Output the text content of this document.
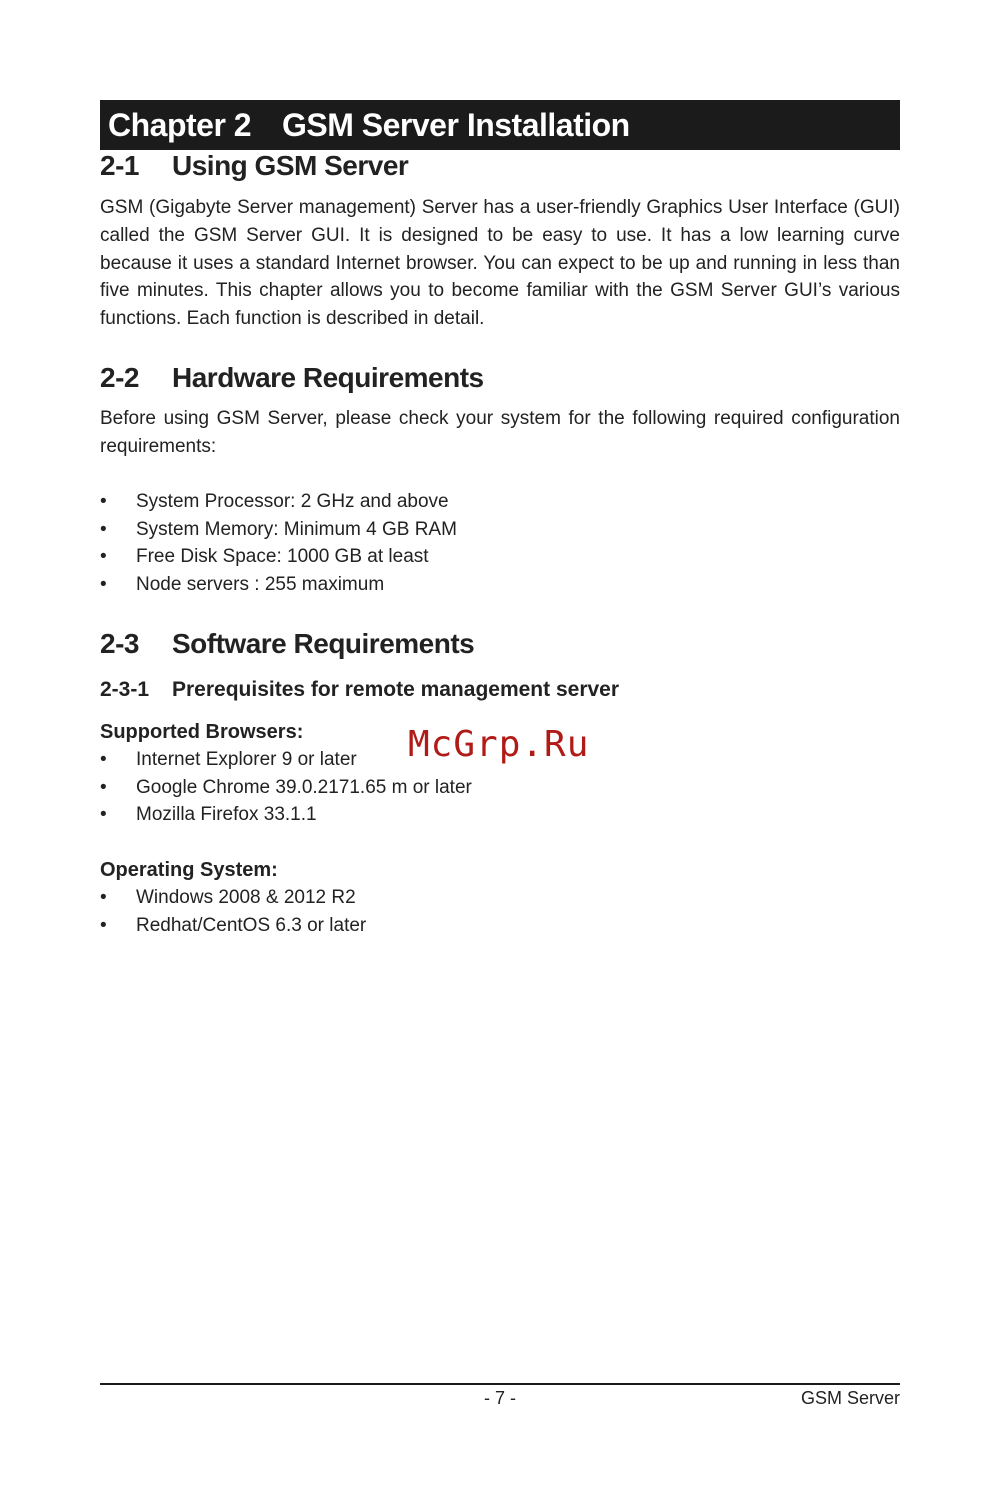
Chapter 2 GSM Server Installation
2-1 Using GSM Server

GSM (Gigabyte Server management) Server has a user-friendly Graphics User Interface (GUI) called the GSM Server GUI. It is designed to be easy to use. It has a low learning curve because it uses a standard Internet browser. You can expect to be up and running in less than five minutes. This chapter allows you to become familiar with the GSM Server GUI’s various functions. Each function is described in detail.

2-2 Hardware Requirements

Before using GSM Server, please check your system for the following required configuration requirements:

• System Processor: 2 GHz and above
• System Memory: Minimum 4 GB RAM
• Free Disk Space: 1000 GB at least
• Node servers : 255 maximum
2-3 Software Requirements
2-3-1 Prerequisites for remote management server
Supported Browsers:
• Internet Explorer 9 or later
• Google Chrome 39.0.2171.65 m or later
• Mozilla Firefox 33.1.1
Operating System:
• Windows 2008 & 2012 R2
• Redhat/CentOS 6.3 or later
McGrp.Ru
- 7 -	GSM Server
